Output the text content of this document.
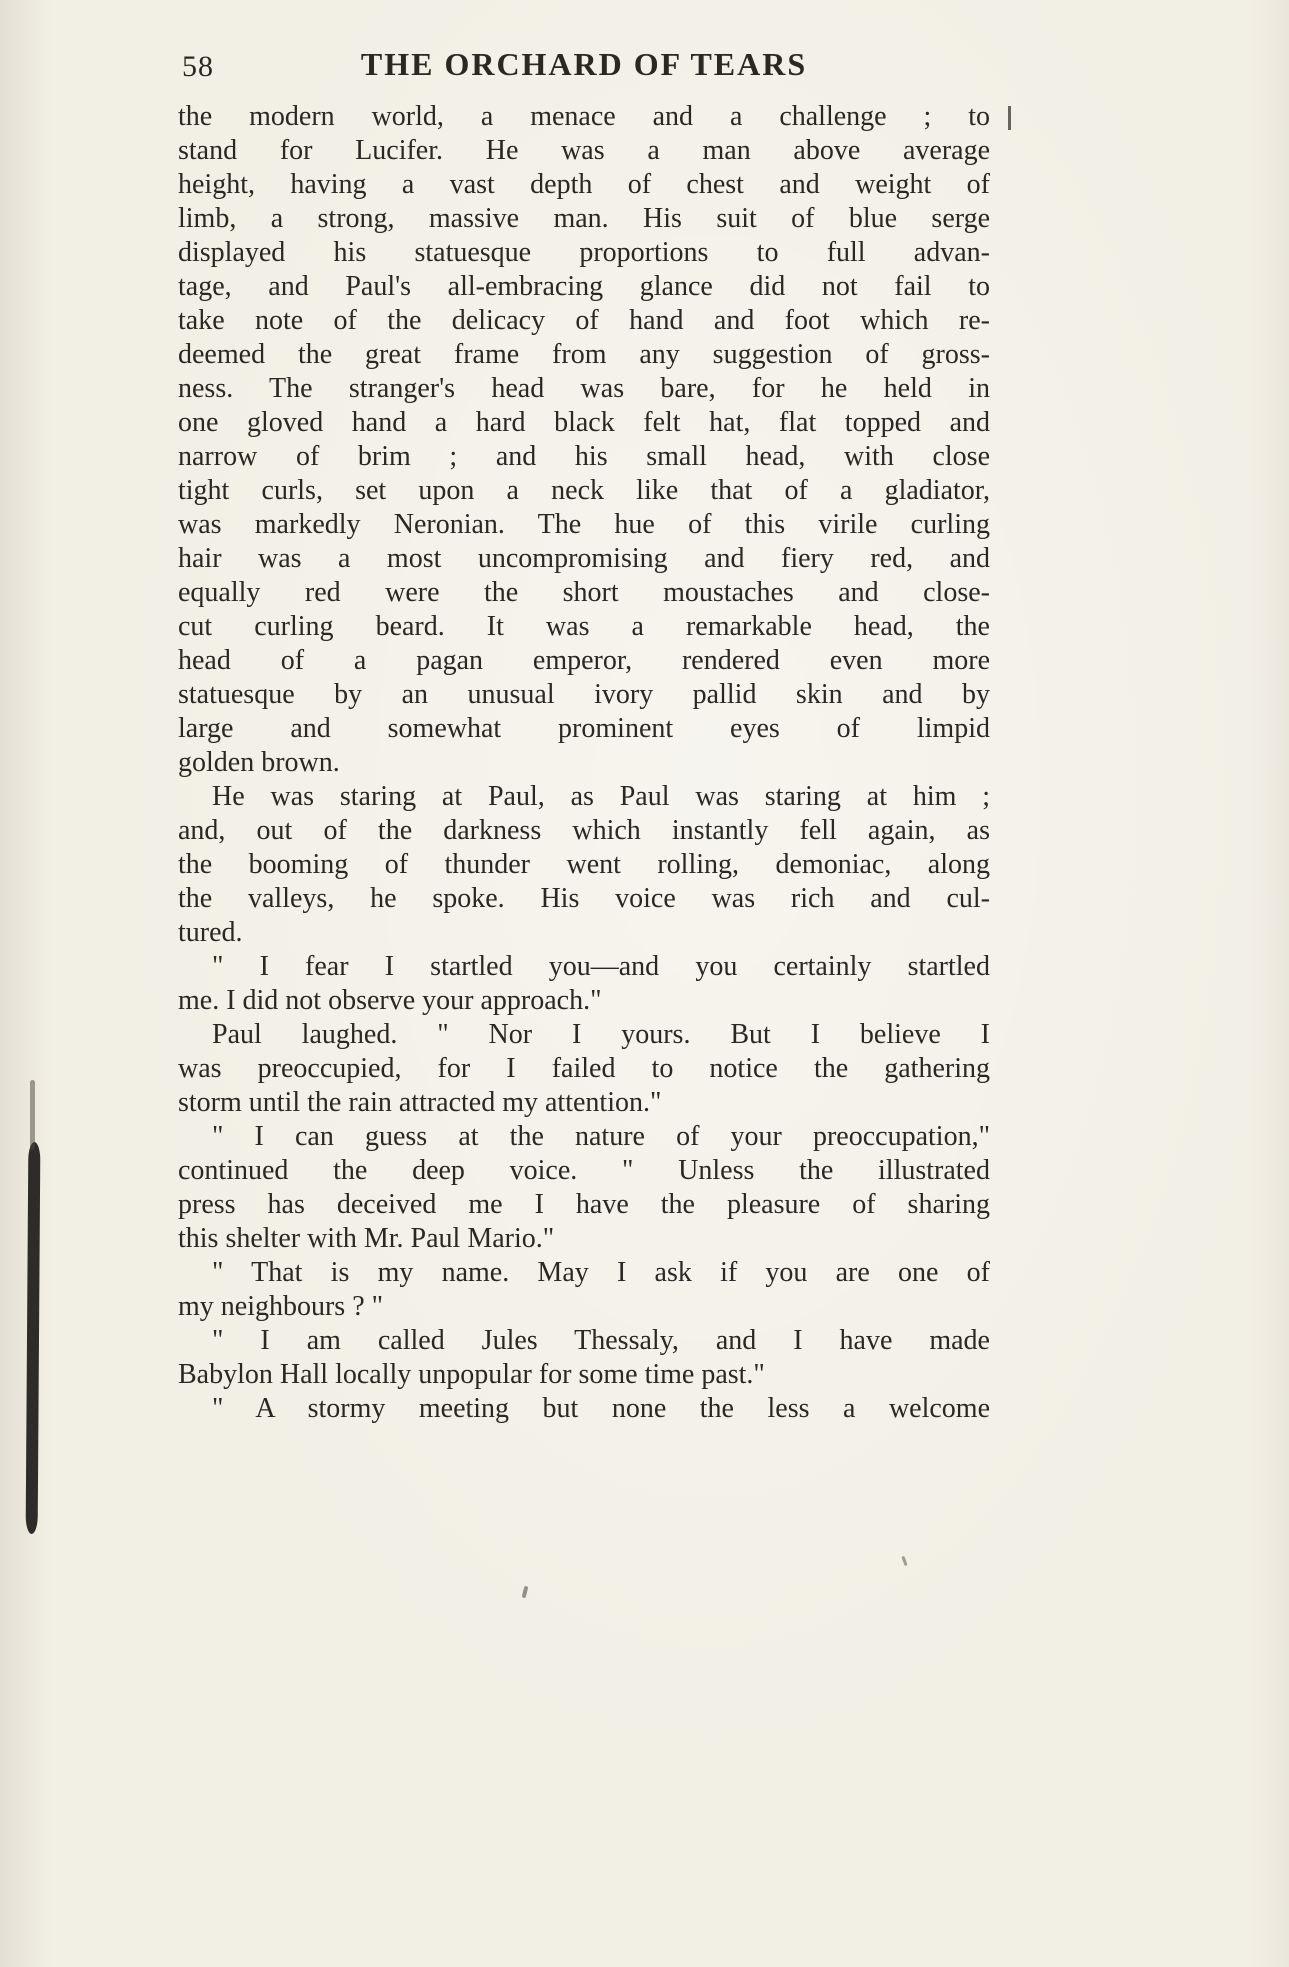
58	THE ORCHARD OF TEARS

the modern world, a menace and a challenge ; to
stand for Lucifer. He was a man above average
height, having a vast depth of chest and weight of
limb, a strong, massive man. His suit of blue serge
displayed his statuesque proportions to full advan-
tage, and Paul's all-embracing glance did not fail to
take note of the delicacy of hand and foot which re-
deemed the great frame from any suggestion of gross-
ness. The stranger's head was bare, for he held in
one gloved hand a hard black felt hat, flat topped and
narrow of brim ; and his small head, with close
tight curls, set upon a neck like that of a gladiator,
was markedly Neronian. The hue of this virile curling
hair was a most uncompromising and fiery red, and
equally red were the short moustaches and close-
cut curling beard. It was a remarkable head, the
head of a pagan emperor, rendered even more
statuesque by an unusual ivory pallid skin and by
large and somewhat prominent eyes of limpid
golden brown.

He was staring at Paul, as Paul was staring at him ;
and, out of the darkness which instantly fell again, as
the booming of thunder went rolling, demoniac, along
the valleys, he spoke. His voice was rich and cul-
tured.

" I fear I startled you—and you certainly startled
me. I did not observe your approach."

Paul laughed. " Nor I yours. But I believe I
was preoccupied, for I failed to notice the gathering
storm until the rain attracted my attention."

" I can guess at the nature of your preoccupation,"
continued the deep voice. " Unless the illustrated
press has deceived me I have the pleasure of sharing
this shelter with Mr. Paul Mario."

" That is my name. May I ask if you are one of
my neighbours ? "

" I am called Jules Thessaly, and I have made
Babylon Hall locally unpopular for some time past."

" A stormy meeting but none the less a welcome
